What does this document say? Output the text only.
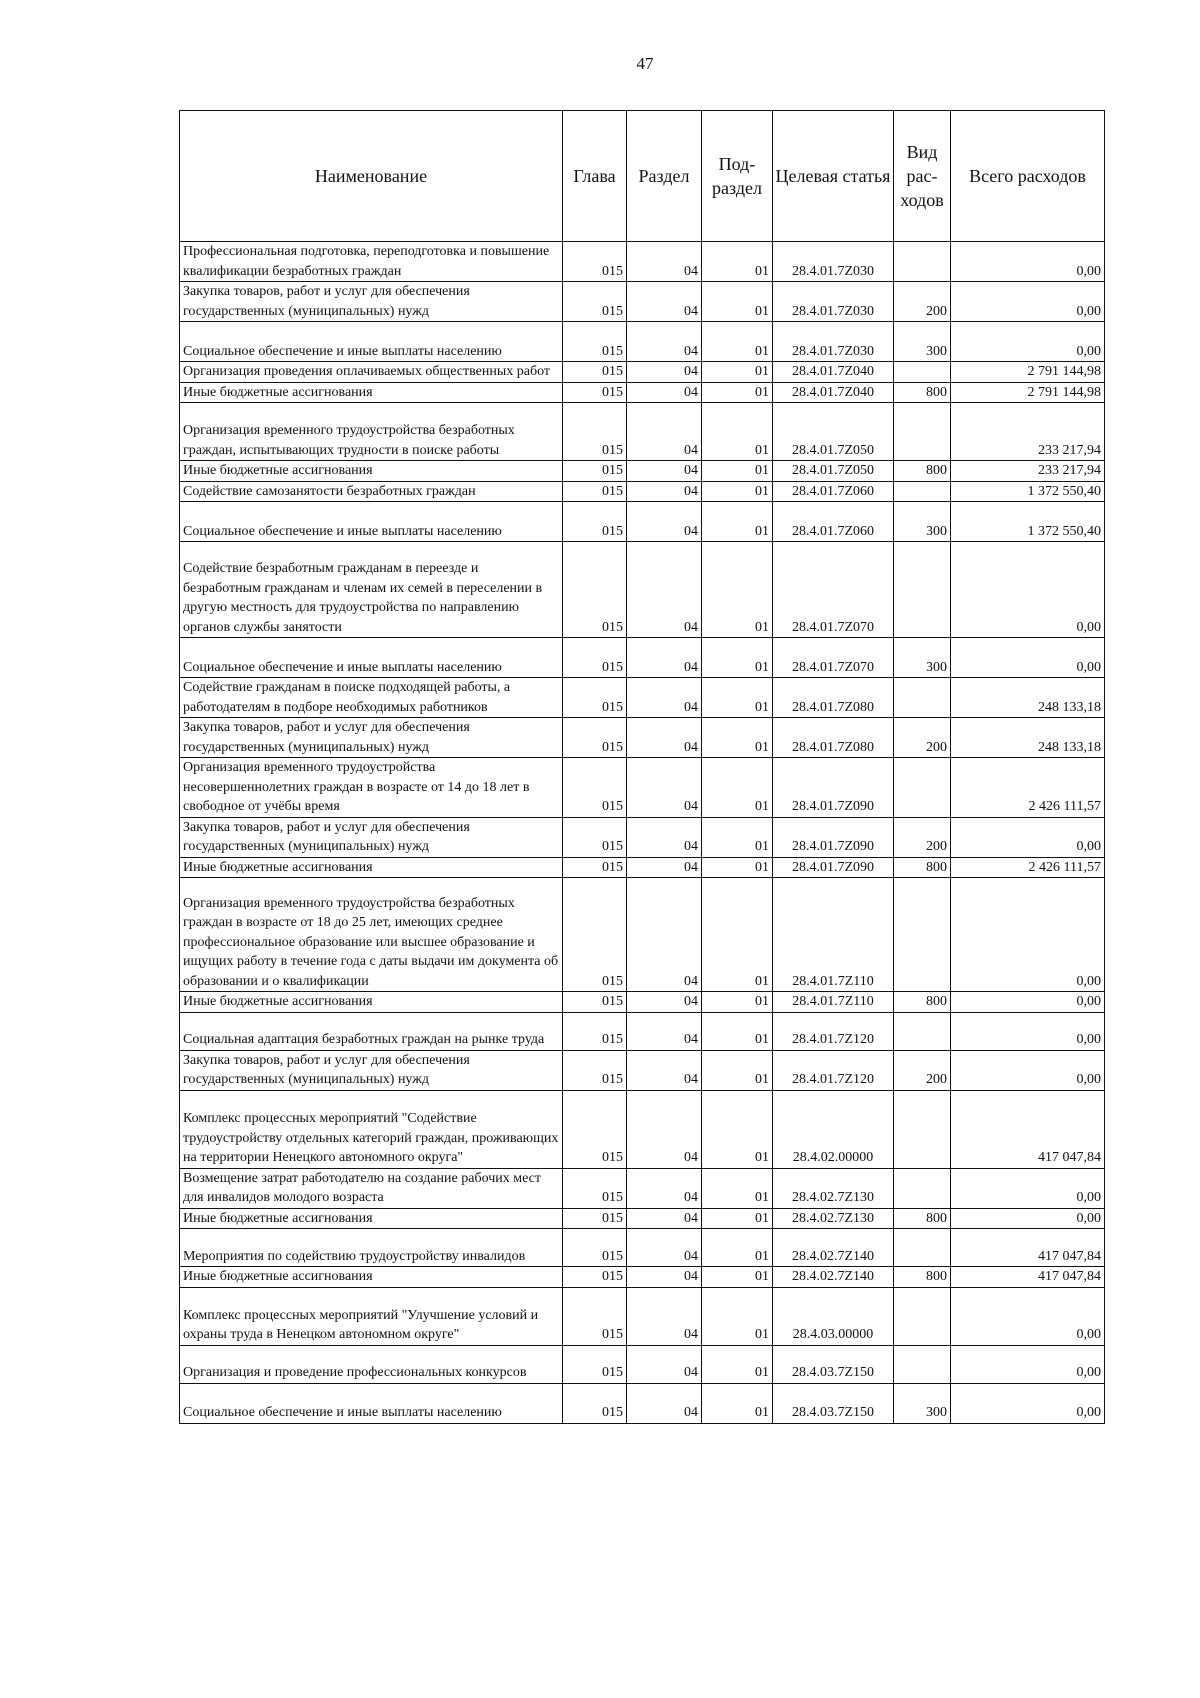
47
Наименование	Глава	Раздел	Под-раздел	Целевая статья	Вид рас-ходов	Всего расходов
Профессиональная подготовка, переподготовка и повышение квалификации безработных граждан	015	04	01	28.4.01.7Z030		0,00
Закупка товаров, работ и услуг для обеспечения государственных (муниципальных) нужд	015	04	01	28.4.01.7Z030	200	0,00
Социальное обеспечение и иные выплаты населению	015	04	01	28.4.01.7Z030	300	0,00
Организация проведения оплачиваемых общественных работ	015	04	01	28.4.01.7Z040		2 791 144,98
Иные бюджетные ассигнования	015	04	01	28.4.01.7Z040	800	2 791 144,98
Организация временного трудоустройства безработных граждан, испытывающих трудности в поиске работы	015	04	01	28.4.01.7Z050		233 217,94
Иные бюджетные ассигнования	015	04	01	28.4.01.7Z050	800	233 217,94
Содействие самозанятости безработных граждан	015	04	01	28.4.01.7Z060		1 372 550,40
Социальное обеспечение и иные выплаты населению	015	04	01	28.4.01.7Z060	300	1 372 550,40
Содействие безработным гражданам в переезде и безработным гражданам и членам их семей в переселении в другую местность для трудоустройства по направлению органов службы занятости	015	04	01	28.4.01.7Z070		0,00
Социальное обеспечение и иные выплаты населению	015	04	01	28.4.01.7Z070	300	0,00
Содействие гражданам в поиске подходящей работы, а работодателям в подборе необходимых работников	015	04	01	28.4.01.7Z080		248 133,18
Закупка товаров, работ и услуг для обеспечения государственных (муниципальных) нужд	015	04	01	28.4.01.7Z080	200	248 133,18
Организация временного трудоустройства несовершеннолетних граждан в возрасте от 14 до 18 лет в свободное от учёбы время	015	04	01	28.4.01.7Z090		2 426 111,57
Закупка товаров, работ и услуг для обеспечения государственных (муниципальных) нужд	015	04	01	28.4.01.7Z090	200	0,00
Иные бюджетные ассигнования	015	04	01	28.4.01.7Z090	800	2 426 111,57
Организация временного трудоустройства безработных граждан в возрасте от 18 до 25 лет, имеющих среднее профессиональное образование или высшее образование и ищущих работу в течение года с даты выдачи им документа об образовании и о квалификации	015	04	01	28.4.01.7Z110		0,00
Иные бюджетные ассигнования	015	04	01	28.4.01.7Z110	800	0,00
Социальная адаптация безработных граждан на рынке труда	015	04	01	28.4.01.7Z120		0,00
Закупка товаров, работ и услуг для обеспечения государственных (муниципальных) нужд	015	04	01	28.4.01.7Z120	200	0,00
Комплекс процессных мероприятий "Содействие трудоустройству отдельных категорий граждан, проживающих на территории Ненецкого автономного округа"	015	04	01	28.4.02.00000		417 047,84
Возмещение затрат работодателю на создание рабочих мест для инвалидов молодого возраста	015	04	01	28.4.02.7Z130		0,00
Иные бюджетные ассигнования	015	04	01	28.4.02.7Z130	800	0,00
Мероприятия по содействию трудоустройству инвалидов	015	04	01	28.4.02.7Z140		417 047,84
Иные бюджетные ассигнования	015	04	01	28.4.02.7Z140	800	417 047,84
Комплекс процессных мероприятий "Улучшение условий и охраны труда в Ненецком автономном округе"	015	04	01	28.4.03.00000		0,00
Организация и проведение профессиональных конкурсов	015	04	01	28.4.03.7Z150		0,00
Социальное обеспечение и иные выплаты населению	015	04	01	28.4.03.7Z150	300	0,00
